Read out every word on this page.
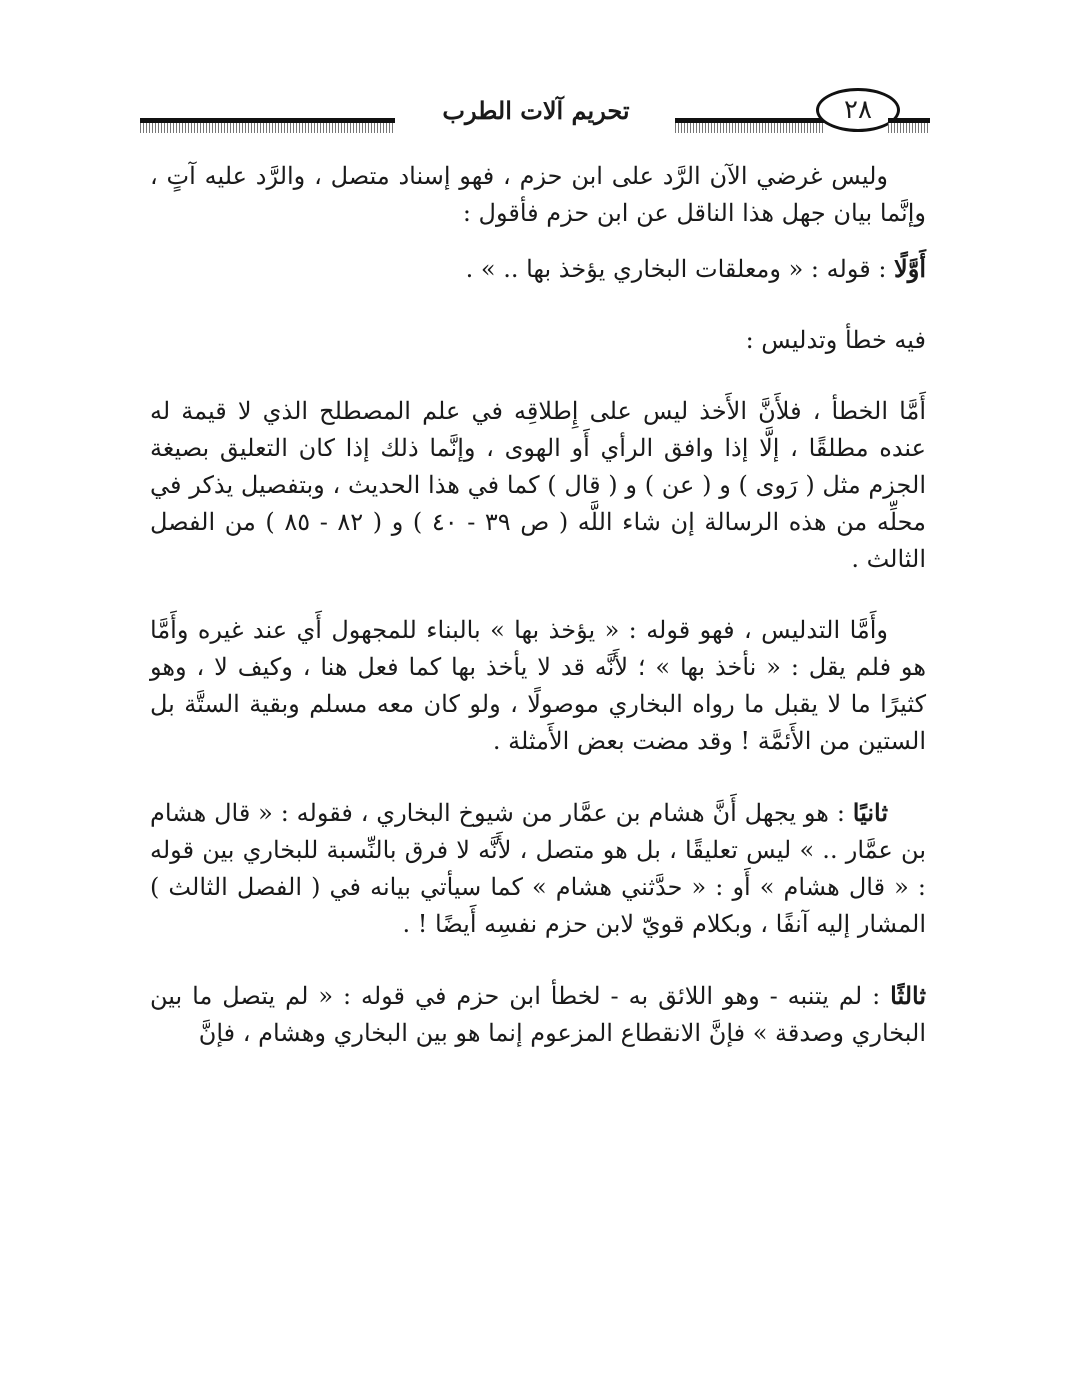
تحريم آلات الطرب	٢٨

وليس غرضي الآن الرَّد على ابن حزم ، فهو إسناد متصل ، والرَّد عليه آتٍ ، وإنَّما بيان جهل هذا الناقل عن ابن حزم فأقول :

أَوَّلًا : قوله : « ومعلقات البخاري يؤخذ بها .. » .

فيه خطأ وتدليس :

أَمَّا الخطأ ، فلأَنَّ الأَخذ ليس على إِطلاقِه في علم المصطلح الذي لا قيمة له عنده مطلقًا ، إلَّا إذا وافق الرأي أَو الهوى ، وإنَّما ذلك إذا كان التعليق بصيغة الجزم مثل ( رَوى ) و ( عن ) و ( قال ) كما في هذا الحديث ، وبتفصيل يذكر في محلِّه من هذه الرسالة إن شاء اللَّه ( ص ٣٩ - ٤٠ ) و ( ٨٢ - ٨٥ ) من الفصل الثالث .

وأَمَّا التدليس ، فهو قوله : « يؤخذ بها » بالبناء للمجهول أَي عند غيره وأَمَّا هو فلم يقل : « نأخذ بها » ؛ لأَنَّه قد لا يأخذ بها كما فعل هنا ، وكيف لا ، وهو كثيرًا ما لا يقبل ما رواه البخاري موصولًا ، ولو كان معه مسلم وبقية الستَّة بل الستين من الأَئمَّة ! وقد مضت بعض الأَمثلة .

ثانيًا : هو يجهل أَنَّ هشام بن عمَّار من شيوخ البخاري ، فقوله : « قال هشام بن عمَّار .. » ليس تعليقًا ، بل هو متصل ، لأَنَّه لا فرق بالنِّسبة للبخاري بين قوله : « قال هشام » أَو : « حدَّثني هشام » كما سيأتي بيانه في ( الفصل الثالث ) المشار إليه آنفًا ، وبكلام قويّ لابن حزم نفسِه أَيضًا ! .

ثالثًا : لم يتنبه - وهو اللائق به - لخطأ ابن حزم في قوله : « لم يتصل ما بين البخاري وصدقة » فإنَّ الانقطاع المزعوم إنما هو بين البخاري وهشام ، فإنَّ
